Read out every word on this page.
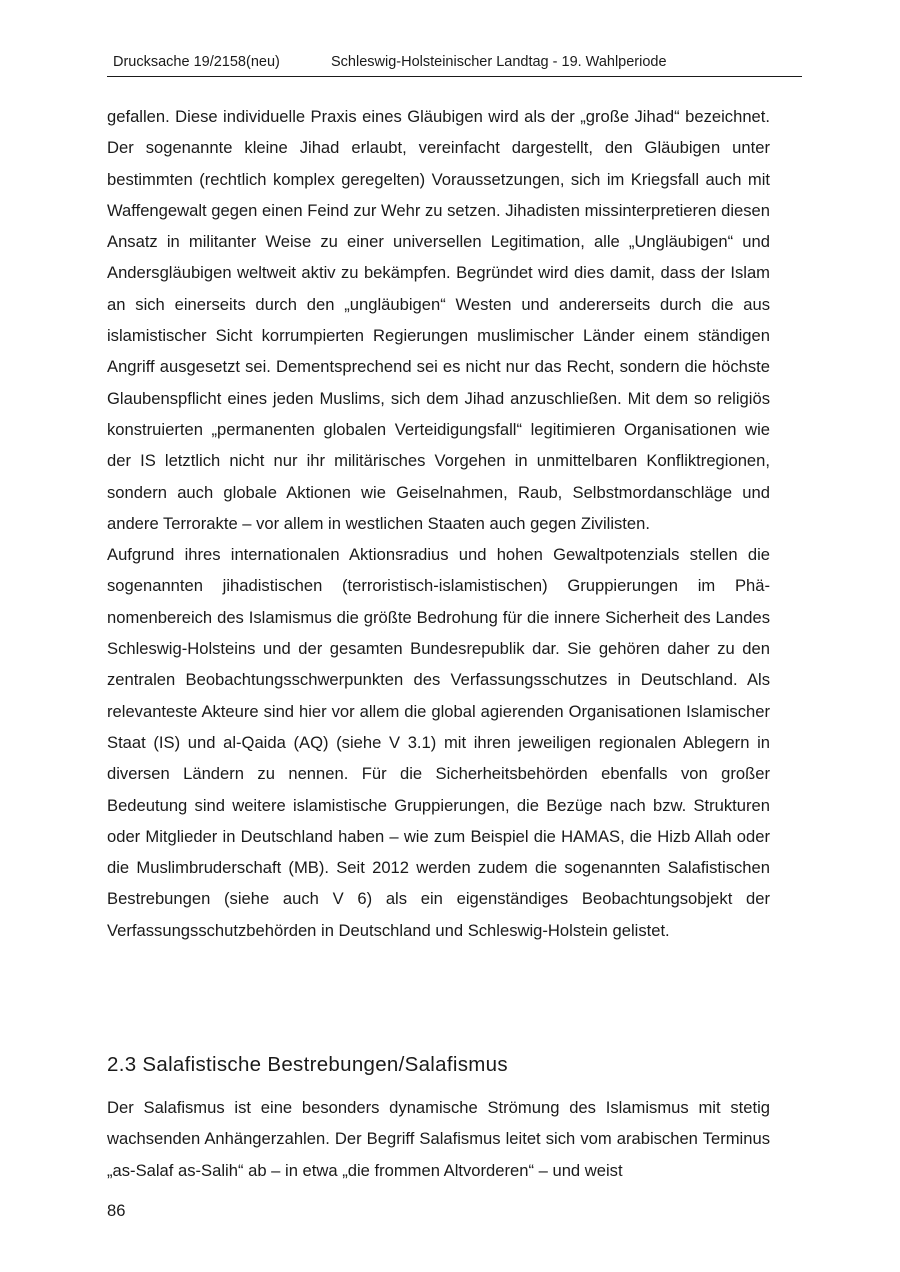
Drucksache 19/2158(neu)	Schleswig-Holsteinischer Landtag - 19. Wahlperiode

gefallen. Diese individuelle Praxis eines Gläubigen wird als der „große Jihad“ bezeichnet. Der sogenannte kleine Jihad erlaubt, vereinfacht dargestellt, den Gläubigen unter bestimmten (rechtlich komplex geregelten) Voraussetzungen, sich im Kriegsfall auch mit Waffengewalt gegen einen Feind zur Wehr zu setzen. Jihadisten missinterpretieren diesen Ansatz in militanter Weise zu einer universellen Legitimation, alle „Ungläubigen“ und Andersgläubigen weltweit aktiv zu bekämpfen. Begründet wird dies damit, dass der Islam an sich einerseits durch den „ungläubigen“ Westen und andererseits durch die aus islamistischer Sicht korrumpierten Regierungen muslimischer Länder einem ständigen Angriff ausgesetzt sei. Dementsprechend sei es nicht nur das Recht, sondern die höchste Glaubenspflicht eines jeden Muslims, sich dem Jihad anzuschließen. Mit dem so religiös konstruierten „permanenten globalen Verteidigungsfall“ legitimieren Organisationen wie der IS letztlich nicht nur ihr militärisches Vorgehen in unmittelbaren Konfliktregionen, sondern auch globale Aktionen wie Geiselnahmen, Raub, Selbstmordanschläge und andere Terrorakte – vor allem in westlichen Staaten auch gegen Zivilisten.

Aufgrund ihres internationalen Aktionsradius und hohen Gewaltpotenzials stellen die sogenannten jihadistischen (terroristisch-islamistischen) Gruppierungen im Phänomenbereich des Islamismus die größte Bedrohung für die innere Sicherheit des Landes Schleswig-Holsteins und der gesamten Bundesrepublik dar. Sie gehören daher zu den zentralen Beobachtungsschwerpunkten des Verfassungsschutzes in Deutschland. Als relevanteste Akteure sind hier vor allem die global agierenden Organisationen Islamischer Staat (IS) und al-Qaida (AQ) (siehe V 3.1) mit ihren jeweiligen regionalen Ablegern in diversen Ländern zu nennen. Für die Sicherheitsbehörden ebenfalls von großer Bedeutung sind weitere islamistische Gruppierungen, die Bezüge nach bzw. Strukturen oder Mitglieder in Deutschland haben – wie zum Beispiel die HAMAS, die Hizb Allah oder die Muslimbruderschaft (MB). Seit 2012 werden zudem die sogenannten Salafistischen Bestrebungen (siehe auch V 6) als ein eigenständiges Beobachtungsobjekt der Verfassungsschutzbehörden in Deutschland und Schleswig-Holstein gelistet.

2.3 Salafistische Bestrebungen/Salafismus

Der Salafismus ist eine besonders dynamische Strömung des Islamismus mit stetig wachsenden Anhängerzahlen. Der Begriff Salafismus leitet sich vom arabischen Terminus „as-Salaf as-Salih“ ab – in etwa „die frommen Altvorderen“ – und weist

86
